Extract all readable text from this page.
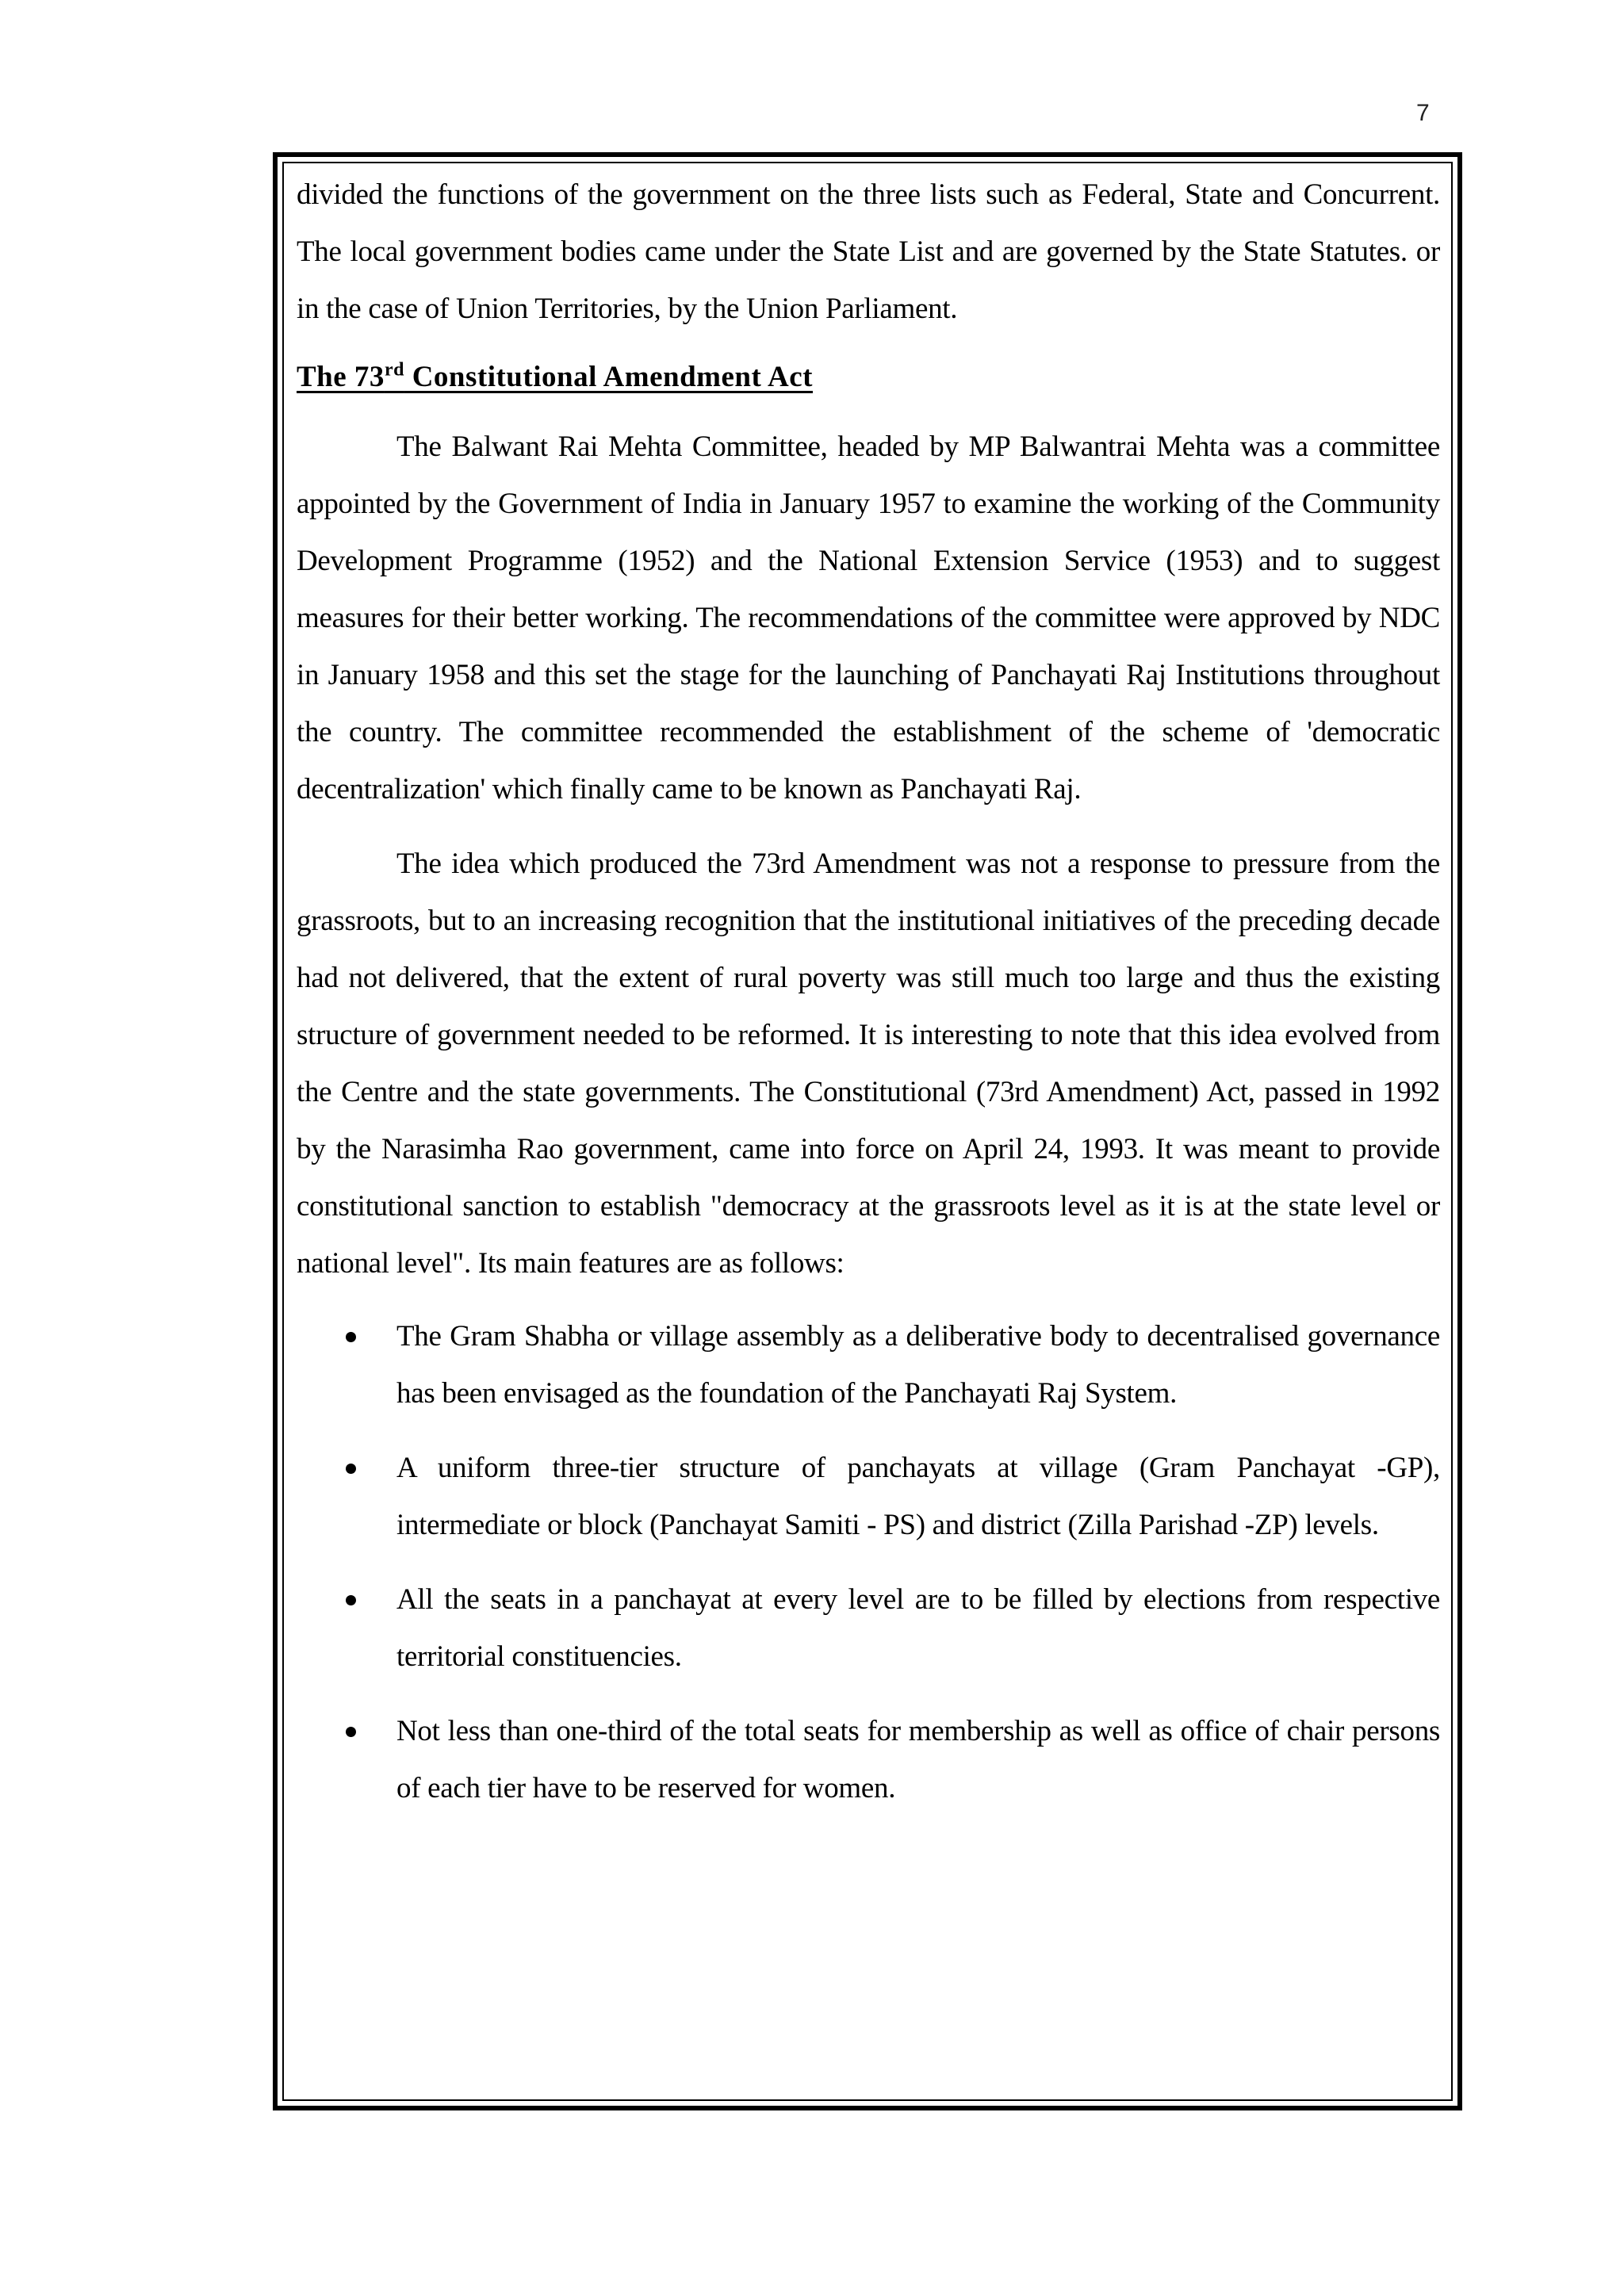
7

divided the functions of the government on the three lists such as Federal, State and Concurrent. The local government bodies came under the State List and are governed by the State Statutes. or in the case of Union Territories, by the Union Parliament.

The 73rd Constitutional Amendment Act

The Balwant Rai Mehta Committee, headed by MP Balwantrai Mehta was a committee appointed by the Government of India in January 1957 to examine the working of the Community Development Programme (1952) and the National Extension Service (1953) and to suggest measures for their better working. The recommendations of the committee were approved by NDC in January 1958 and this set the stage for the launching of Panchayati Raj Institutions throughout the country. The committee recommended the establishment of the scheme of 'democratic decentralization' which finally came to be known as Panchayati Raj.

The idea which produced the 73rd Amendment was not a response to pressure from the grassroots, but to an increasing recognition that the institutional initiatives of the preceding decade had not delivered, that the extent of rural poverty was still much too large and thus the existing structure of government needed to be reformed. It is interesting to note that this idea evolved from the Centre and the state governments. The Constitutional (73rd Amendment) Act, passed in 1992 by the Narasimha Rao government, came into force on April 24, 1993. It was meant to provide constitutional sanction to establish "democracy at the grassroots level as it is at the state level or national level". Its main features are as follows:

The Gram Shabha or village assembly as a deliberative body to decentralised governance has been envisaged as the foundation of the Panchayati Raj System.
A uniform three-tier structure of panchayats at village (Gram Panchayat -GP), intermediate or block (Panchayat Samiti - PS) and district (Zilla Parishad -ZP) levels.
All the seats in a panchayat at every level are to be filled by elections from respective territorial constituencies.
Not less than one-third of the total seats for membership as well as office of chair persons of each tier have to be reserved for women.
